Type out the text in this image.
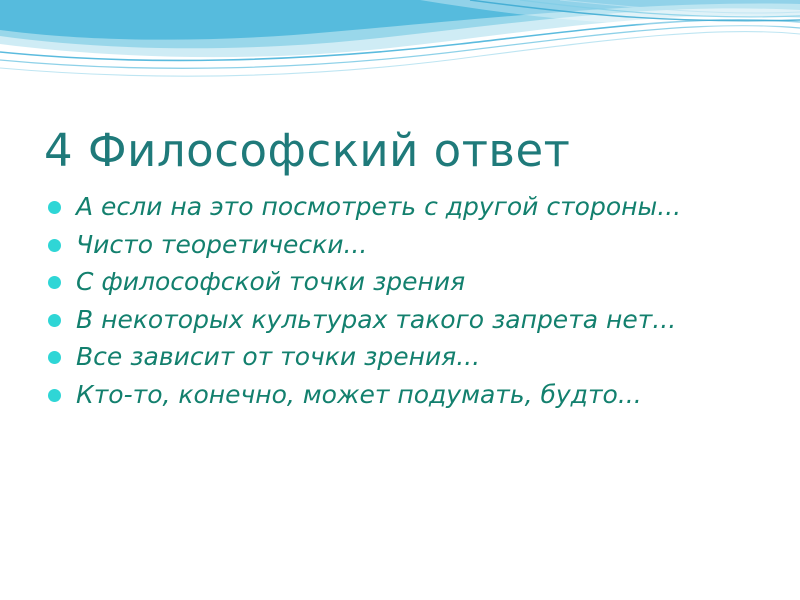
4 Философский ответ
А если на это посмотреть с другой стороны...
Чисто теоретически...
С философской точки зрения
В некоторых культурах такого запрета нет...
Все зависит от точки зрения...
Кто-то, конечно, может подумать, будто...
